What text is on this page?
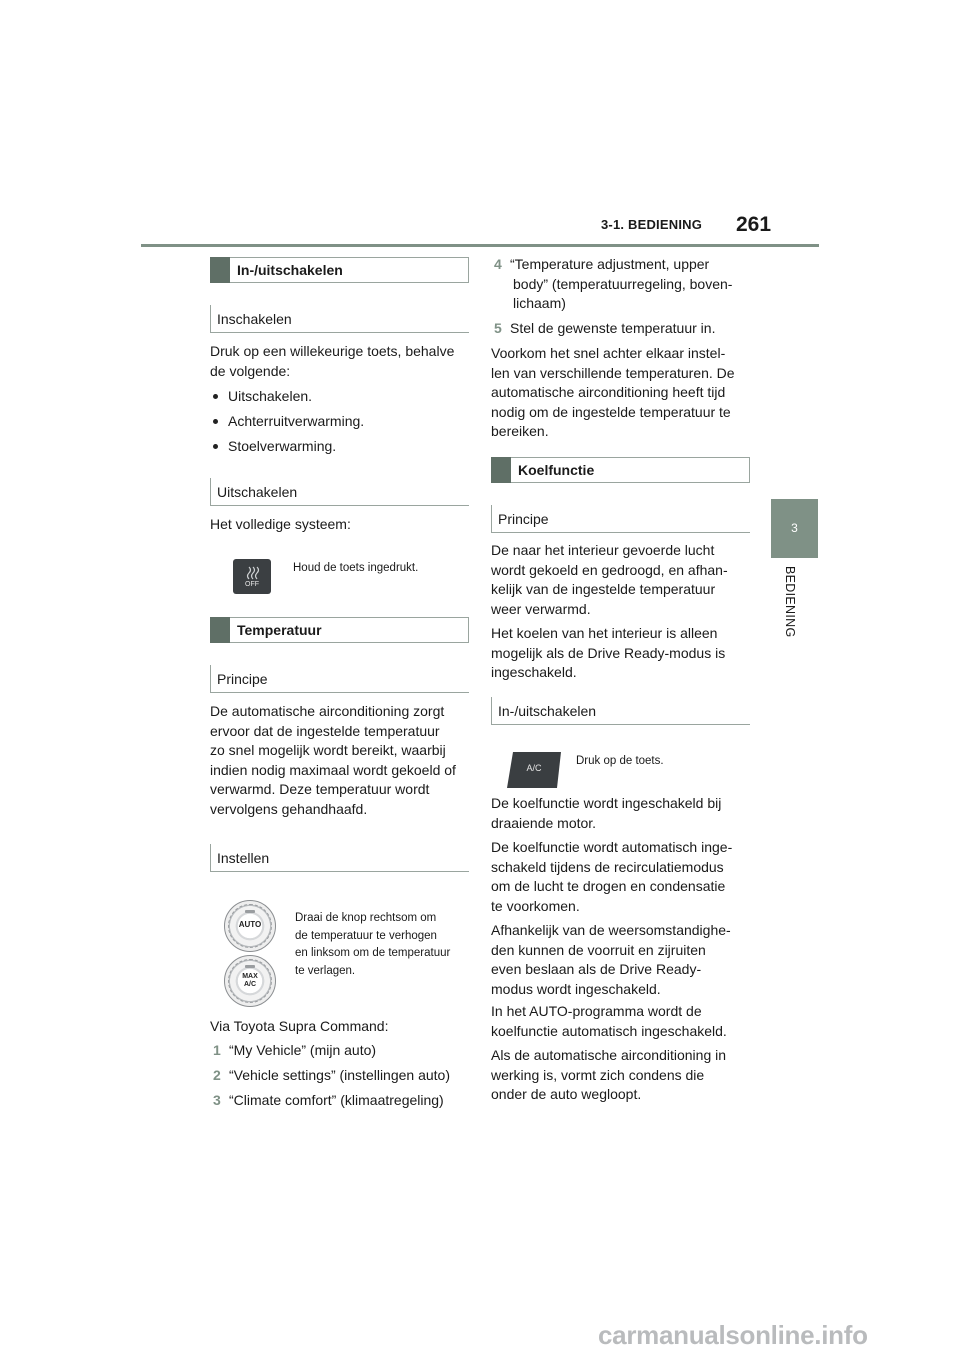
3-1. BEDIENING 261
3
BEDIENING
In-/uitschakelen
Inschakelen
Druk op een willekeurige toets, behalve de volgende:
Uitschakelen.
Achterruitverwarming.
Stoelverwarming.
Uitschakelen
Het volledige systeem:
OFF
Houd de toets ingedrukt.
Temperatuur
Principe
De automatische airconditioning zorgt
ervoor dat de ingestelde temperatuur
zo snel mogelijk wordt bereikt, waarbij
indien nodig maximaal wordt gekoeld of
verwarmd. Deze temperatuur wordt
vervolgens gehandhaafd.
Instellen
AUTO
MAX
A/C
Draai de knop rechtsom om
de temperatuur te verhogen
en linksom om de temperatuur
te verlagen.
Via Toyota Supra Command:
1 “My Vehicle” (mijn auto)
2 “Vehicle settings” (instellingen auto)
3 “Climate comfort” (klimaatregeling)
4 “Temperature adjustment, upper
body” (temperatuurregeling, boven-
lichaam)
5 Stel de gewenste temperatuur in.
Voorkom het snel achter elkaar instel-
len van verschillende temperaturen. De
automatische airconditioning heeft tijd
nodig om de ingestelde temperatuur te
bereiken.
Koelfunctie
Principe
De naar het interieur gevoerde lucht
wordt gekoeld en gedroogd, en afhan-
kelijk van de ingestelde temperatuur
weer verwarmd.
Het koelen van het interieur is alleen
mogelijk als de Drive Ready-modus is
ingeschakeld.
In-/uitschakelen
A/C
Druk op de toets.
De koelfunctie wordt ingeschakeld bij
draaiende motor.
De koelfunctie wordt automatisch inge-
schakeld tijdens de recirculatiemodus
om de lucht te drogen en condensatie
te voorkomen.
Afhankelijk van de weersomstandighe-
den kunnen de voorruit en zijruiten
even beslaan als de Drive Ready-
modus wordt ingeschakeld.
In het AUTO-programma wordt de
koelfunctie automatisch ingeschakeld.
Als de automatische airconditioning in
werking is, vormt zich condens die
onder de auto wegloopt.
carmanualsonline.info
